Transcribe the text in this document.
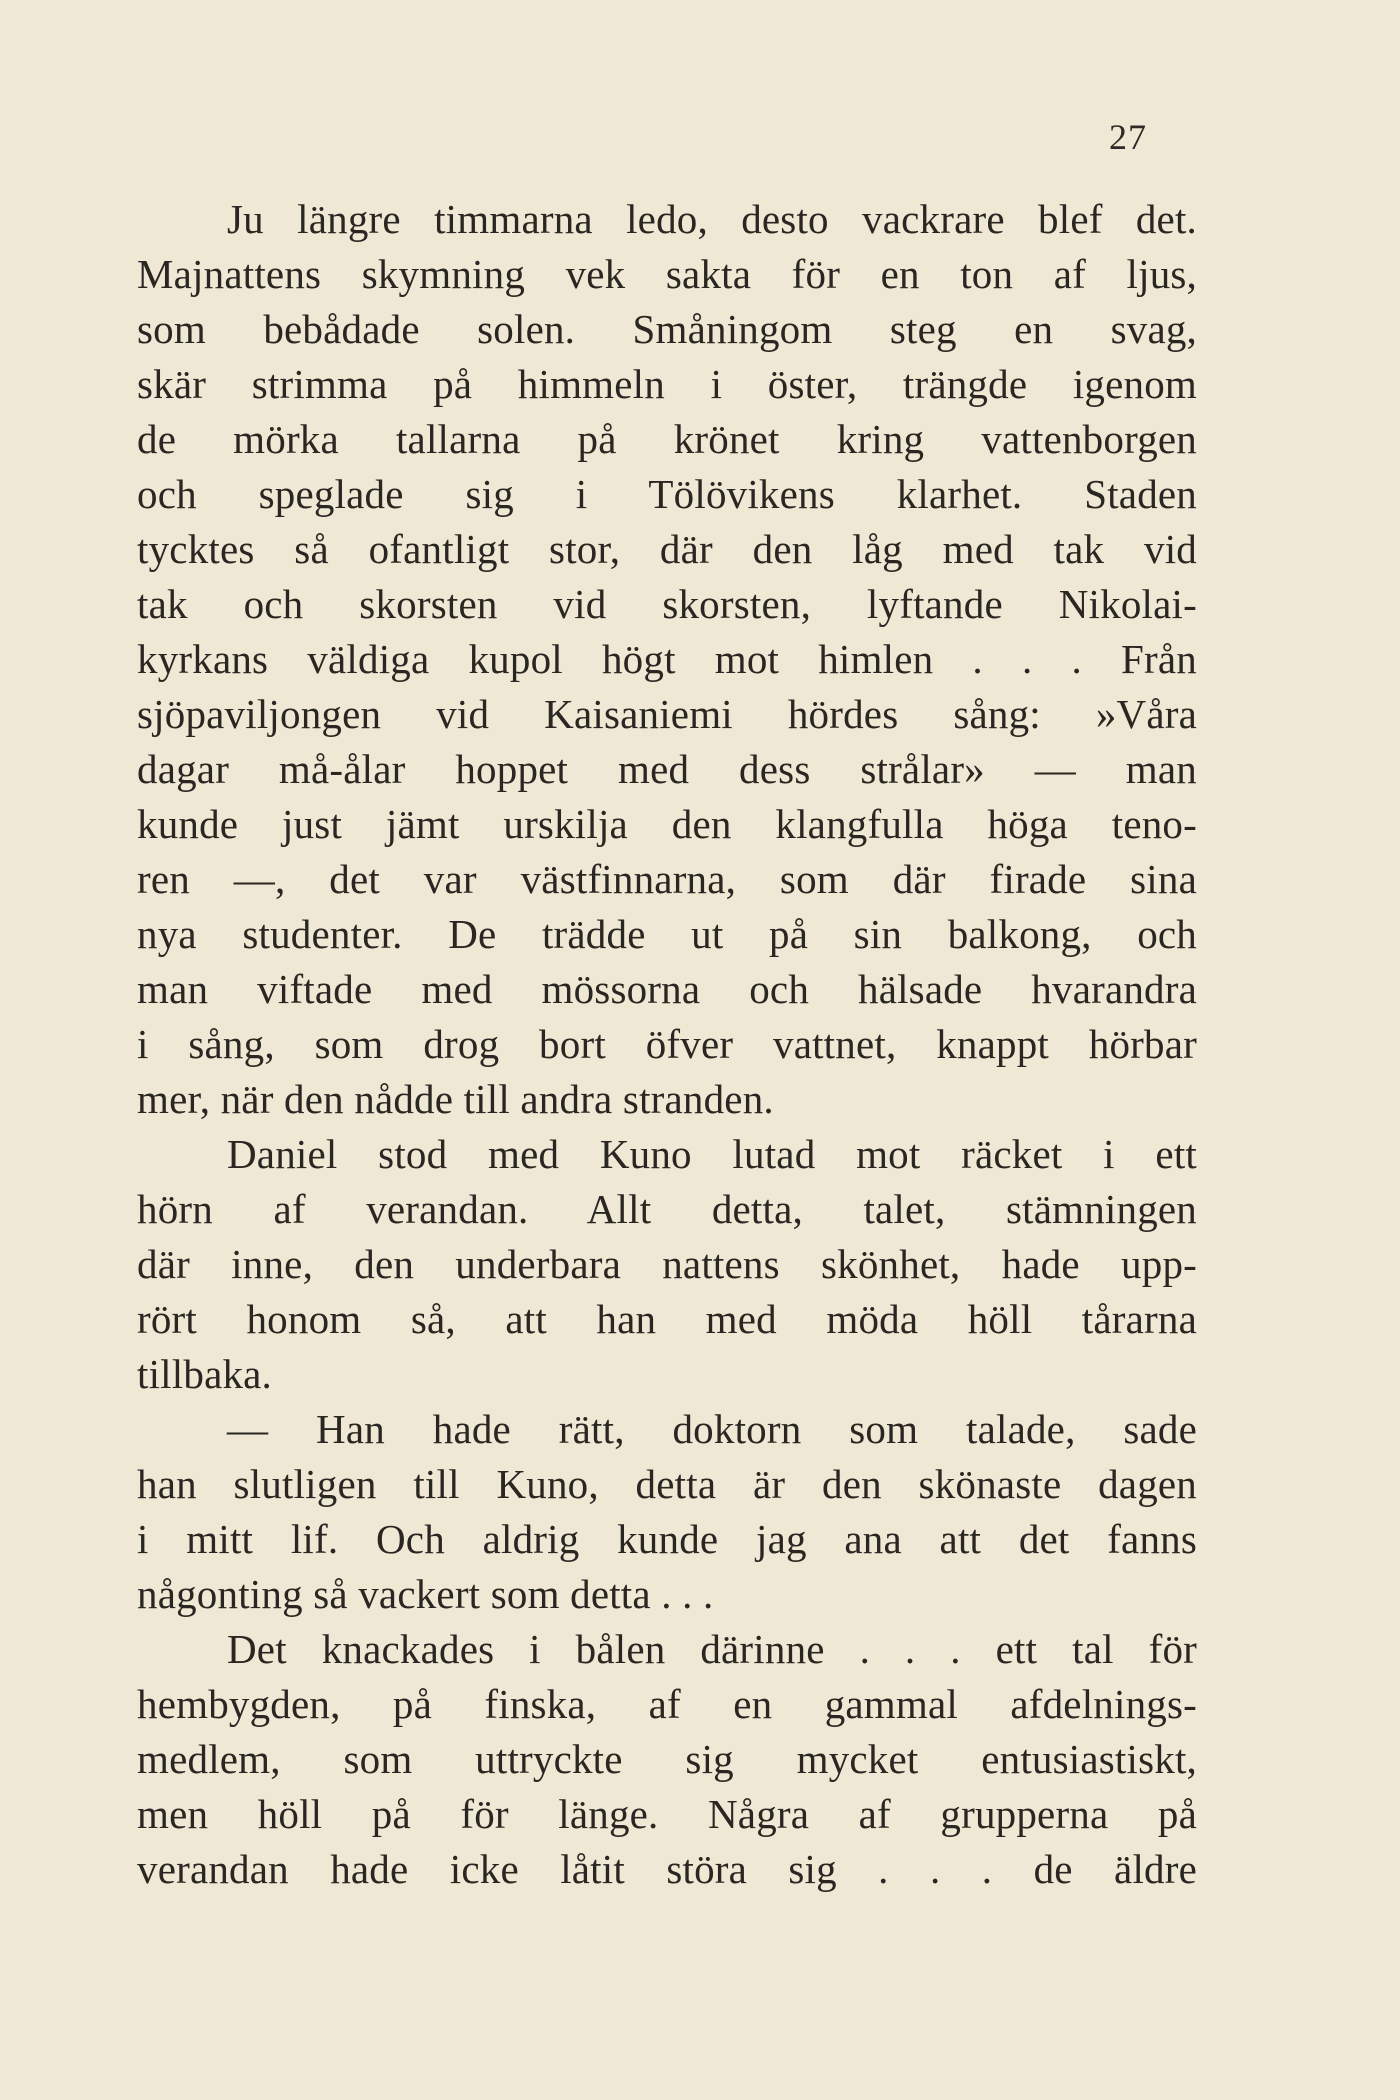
27
Ju längre timmarna ledo, desto vackrare blef det.
Majnattens skymning vek sakta för en ton af ljus,
som bebådade solen. Småningom steg en svag,
skär strimma på himmeln i öster, trängde igenom
de mörka tallarna på krönet kring vattenborgen
och speglade sig i Tölövikens klarhet. Staden
tycktes så ofantligt stor, där den låg med tak vid
tak och skorsten vid skorsten, lyftande Nikolai-
kyrkans väldiga kupol högt mot himlen . . . Från
sjöpaviljongen vid Kaisaniemi hördes sång: »Våra
dagar må-ålar hoppet med dess strålar» — man
kunde just jämt urskilja den klangfulla höga teno-
ren —, det var västfinnarna, som där firade sina
nya studenter. De trädde ut på sin balkong, och
man viftade med mössorna och hälsade hvarandra
i sång, som drog bort öfver vattnet, knappt hörbar
mer, när den nådde till andra stranden.
Daniel stod med Kuno lutad mot räcket i ett
hörn af verandan. Allt detta, talet, stämningen
där inne, den underbara nattens skönhet, hade upp-
rört honom så, att han med möda höll tårarna
tillbaka.
— Han hade rätt, doktorn som talade, sade
han slutligen till Kuno, detta är den skönaste dagen
i mitt lif. Och aldrig kunde jag ana att det fanns
någonting så vackert som detta . . .
Det knackades i bålen därinne . . . ett tal för
hembygden, på finska, af en gammal afdelnings-
medlem, som uttryckte sig mycket entusiastiskt,
men höll på för länge. Några af grupperna på
verandan hade icke låtit störa sig . . . de äldre
